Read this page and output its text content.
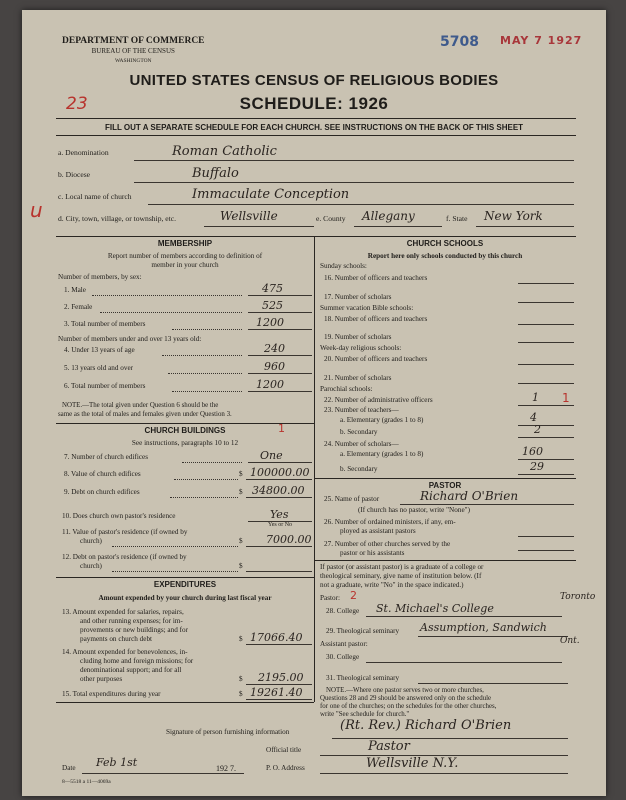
DEPARTMENT OF COMMERCE
BUREAU OF THE CENSUS
WASHINGTON
5708 MAY 7 1927
23
UNITED STATES CENSUS OF RELIGIOUS BODIES
SCHEDULE: 1926
FILL OUT A SEPARATE SCHEDULE FOR EACH CHURCH. SEE INSTRUCTIONS ON THE BACK OF THIS SHEET
a. Denomination	Roman Catholic
b. Diocese	Buffalo
c. Local name of church	Immaculate Conception
u d. City, town, village, or township, etc.	Wellsville	e. County Allegany	f. State New York
MEMBERSHIP
Report number of members according to definition of
member in your church
Number of members, by sex:
1. Male	475
2. Female	525
3. Total number of members	1200
Number of members under and over 13 years old:
4. Under 13 years of age	240
5. 13 years old and over	960
6. Total number of members	1200
NOTE.—The total given under Question 6 should be the
same as the total of males and females given under Question 3.
CHURCH BUILDINGS	1
See instructions, paragraphs 10 to 12
7. Number of church edifices	One
8. Value of church edifices	$ 100000.00
9. Debt on church edifices	$ 34800.00
10. Does church own pastor's residence	Yes
Yes or No
11. Value of pastor's residence (if owned by
church)	$ 7000.00
12. Debt on pastor's residence (if owned by
church)	$
EXPENDITURES
Amount expended by your church during last fiscal year
13. Amount expended for salaries, repairs,
and other running expenses; for im-
provements or new buildings; and for
payments on church debt	$ 17066.40
14. Amount expended for benevolences, in-
cluding home and foreign missions; for
denominational support; and for all
other purposes	$ 2195.00
15. Total expenditures during year	$ 19261.40
CHURCH SCHOOLS
Report here only schools conducted by this church
Sunday schools:
16. Number of officers and teachers
17. Number of scholars
Summer vacation Bible schools:
18. Number of officers and teachers
19. Number of scholars
Week-day religious schools:
20. Number of officers and teachers
21. Number of scholars
Parochial schools:
22. Number of administrative officers	1 1
23. Number of teachers—
a. Elementary (grades 1 to 8)	4
b. Secondary	2
24. Number of scholars—
a. Elementary (grades 1 to 8)	160
b. Secondary	29
PASTOR
25. Name of pastor	Richard O'Brien
(If church has no pastor, write "None")
26. Number of ordained ministers, if any, em-
ployed as assistant pastors
27. Number of other churches served by the
pastor or his assistants
If pastor (or assistant pastor) is a graduate of a college or
theological seminary, give name of institution below. (If
not a graduate, write "No" in the space indicated.)
Pastor: 2
28. College St. Michael's College
Toronto
29. Theological seminary Assumption, Sandwich
Ont.
Assistant pastor:
30. College
31. Theological seminary
NOTE.—Where one pastor serves two or more churches,
Questions 28 and 29 should be answered only on the schedule
for one of the churches; on the schedules for the other churches,
write "See schedule for church."
Signature of person furnishing information	(Rt. Rev.) Richard O'Brien
Official title	Pastor
Date Feb 1st	192 7.	P. O. Address	Wellsville N.Y.
8—5518 a 11—4069a
